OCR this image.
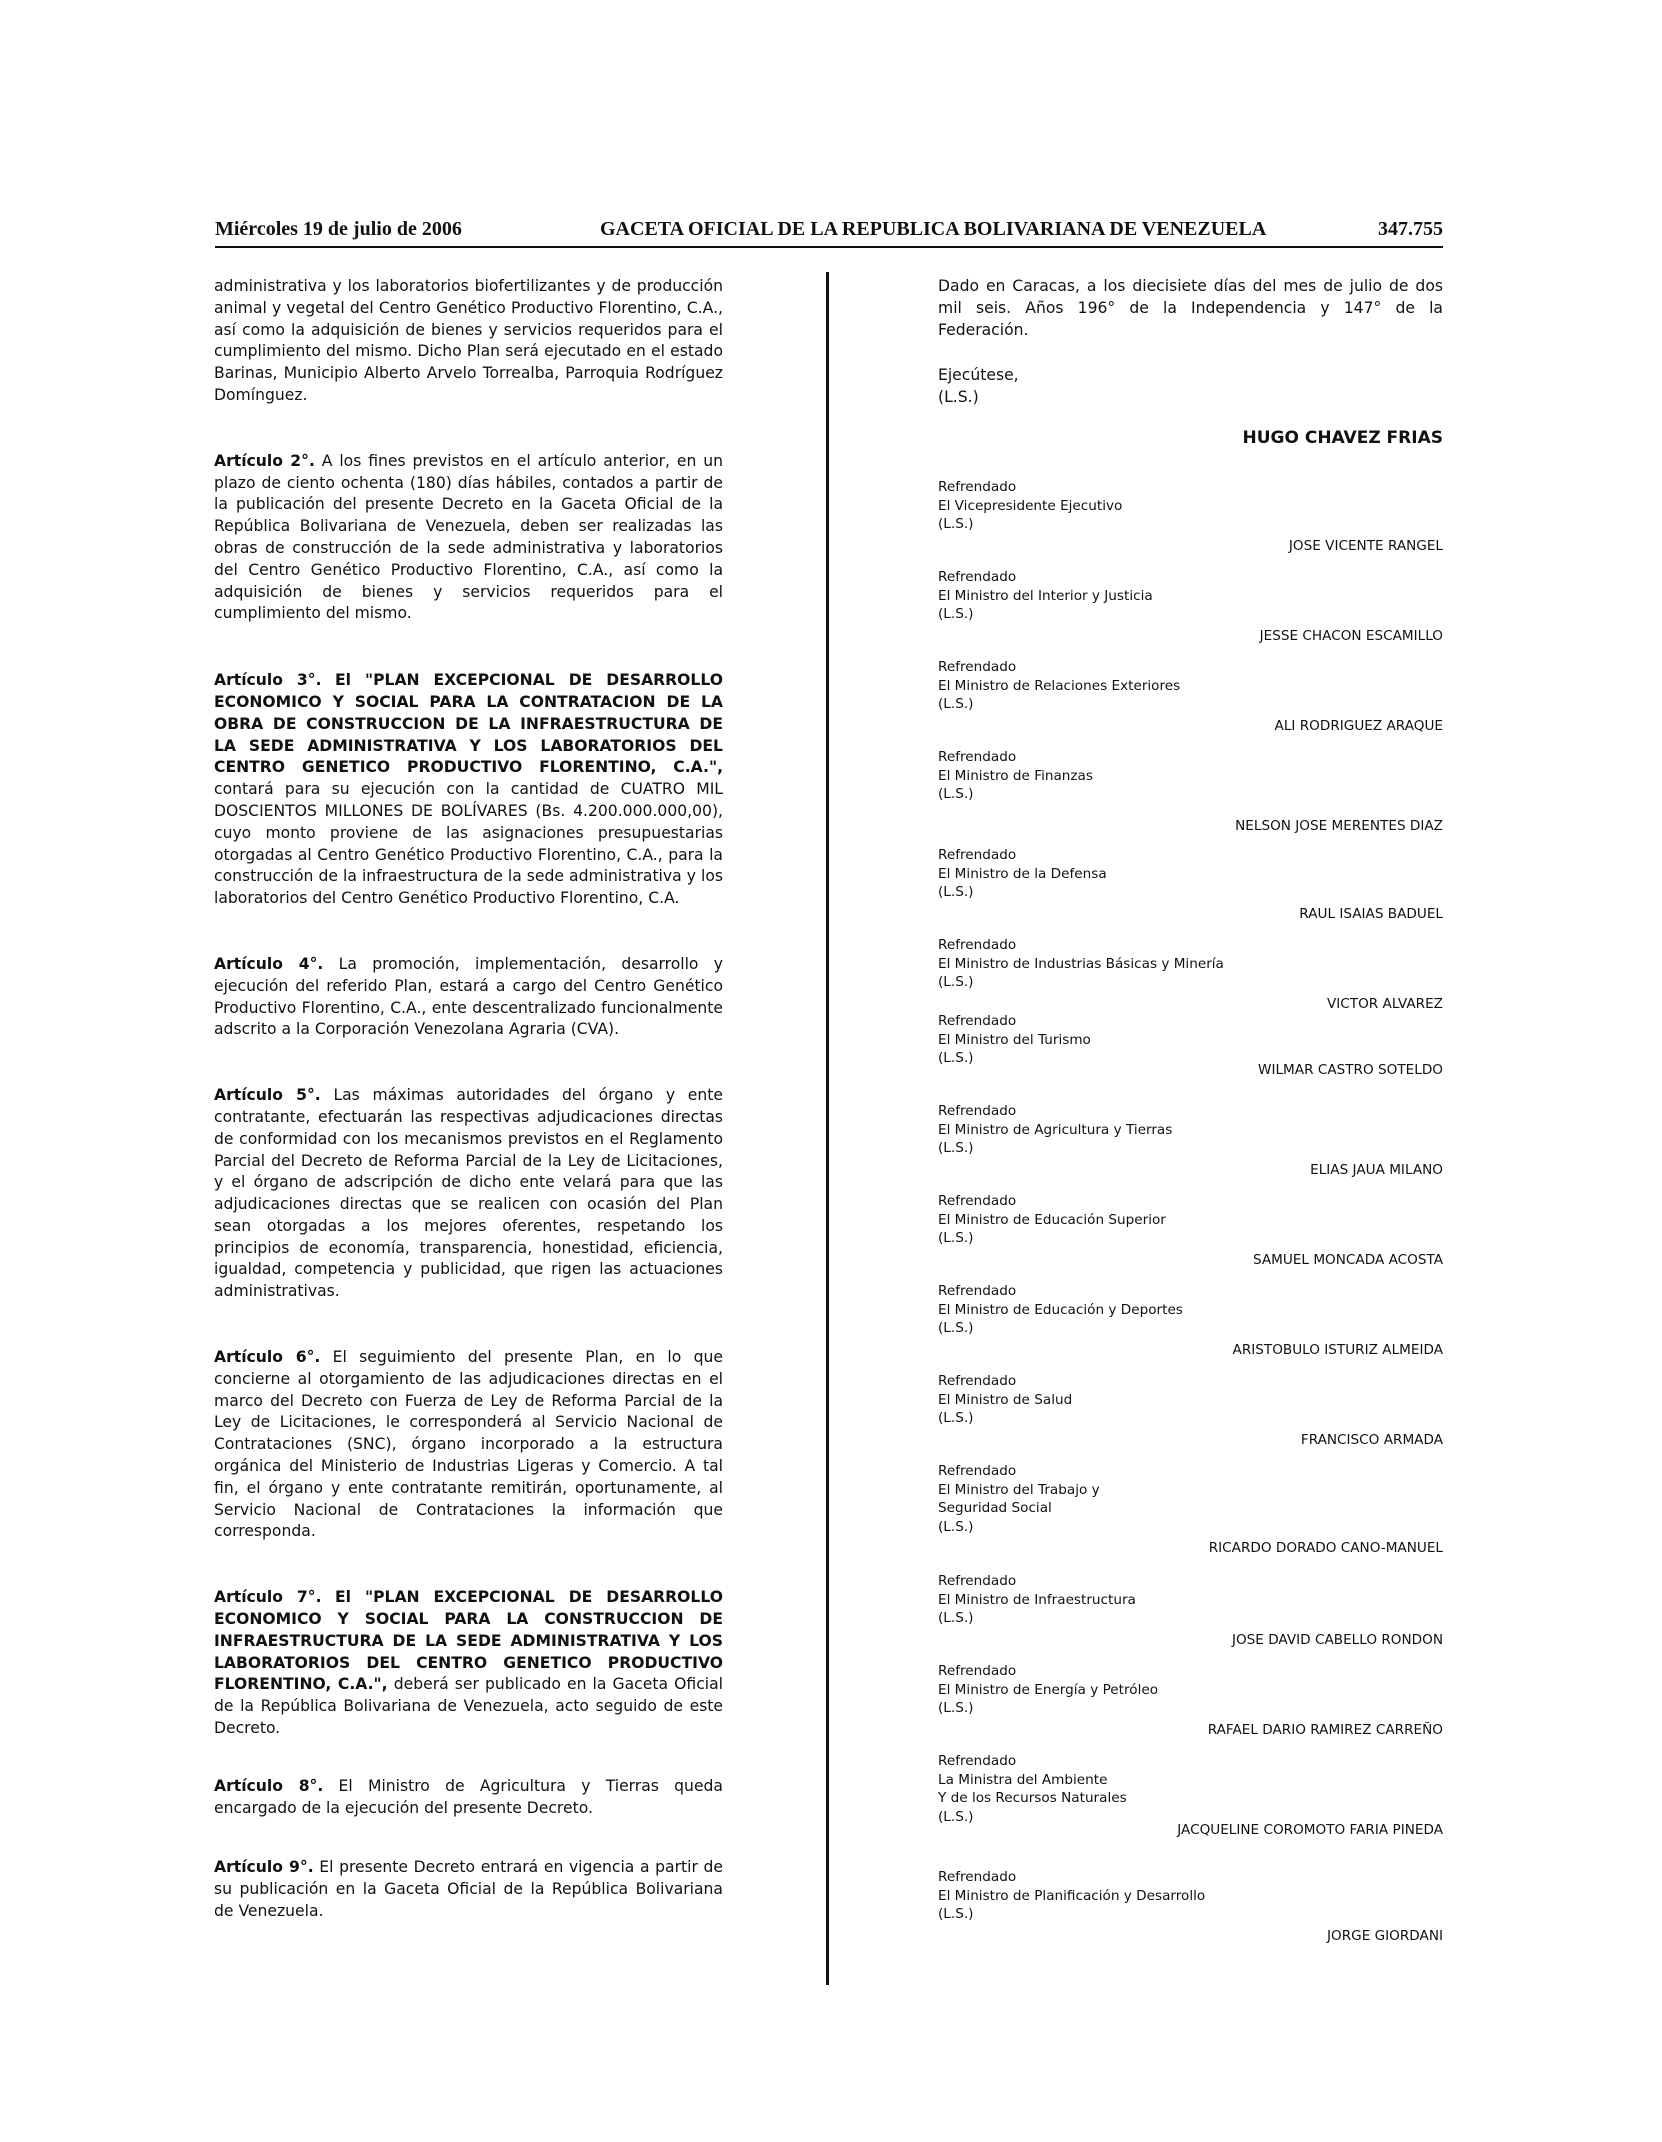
Miércoles 19 de julio de 2006	GACETA OFICIAL DE LA REPUBLICA BOLIVARIANA DE VENEZUELA	347.755

administrativa y los laboratorios biofertilizantes y de producción animal y vegetal del Centro Genético Productivo Florentino, C.A., así como la adquisición de bienes y servicios requeridos para el cumplimiento del mismo. Dicho Plan será ejecutado en el estado Barinas, Municipio Alberto Arvelo Torrealba, Parroquia Rodríguez Domínguez.

Artículo 2°. A los fines previstos en el artículo anterior, en un plazo de ciento ochenta (180) días hábiles, contados a partir de la publicación del presente Decreto en la Gaceta Oficial de la República Bolivariana de Venezuela, deben ser realizadas las obras de construcción de la sede administrativa y laboratorios del Centro Genético Productivo Florentino, C.A., así como la adquisición de bienes y servicios requeridos para el cumplimiento del mismo.

Artículo 3°. El "PLAN EXCEPCIONAL DE DESARROLLO ECONOMICO Y SOCIAL PARA LA CONTRATACION DE LA OBRA DE CONSTRUCCION DE LA INFRAESTRUCTURA DE LA SEDE ADMINISTRATIVA Y LOS LABORATORIOS DEL CENTRO GENETICO PRODUCTIVO FLORENTINO, C.A.", contará para su ejecución con la cantidad de CUATRO MIL DOSCIENTOS MILLONES DE BOLÍVARES (Bs. 4.200.000.000,00), cuyo monto proviene de las asignaciones presupuestarias otorgadas al Centro Genético Productivo Florentino, C.A., para la construcción de la infraestructura de la sede administrativa y los laboratorios del Centro Genético Productivo Florentino, C.A.

Artículo 4°. La promoción, implementación, desarrollo y ejecución del referido Plan, estará a cargo del Centro Genético Productivo Florentino, C.A., ente descentralizado funcionalmente adscrito a la Corporación Venezolana Agraria (CVA).

Artículo 5°. Las máximas autoridades del órgano y ente contratante, efectuarán las respectivas adjudicaciones directas de conformidad con los mecanismos previstos en el Reglamento Parcial del Decreto de Reforma Parcial de la Ley de Licitaciones, y el órgano de adscripción de dicho ente velará para que las adjudicaciones directas que se realicen con ocasión del Plan sean otorgadas a los mejores oferentes, respetando los principios de economía, transparencia, honestidad, eficiencia, igualdad, competencia y publicidad, que rigen las actuaciones administrativas.

Artículo 6°. El seguimiento del presente Plan, en lo que concierne al otorgamiento de las adjudicaciones directas en el marco del Decreto con Fuerza de Ley de Reforma Parcial de la Ley de Licitaciones, le corresponderá al Servicio Nacional de Contrataciones (SNC), órgano incorporado a la estructura orgánica del Ministerio de Industrias Ligeras y Comercio. A tal fin, el órgano y ente contratante remitirán, oportunamente, al Servicio Nacional de Contrataciones la información que corresponda.

Artículo 7°. El "PLAN EXCEPCIONAL DE DESARROLLO ECONOMICO Y SOCIAL PARA LA CONSTRUCCION DE INFRAESTRUCTURA DE LA SEDE ADMINISTRATIVA Y LOS LABORATORIOS DEL CENTRO GENETICO PRODUCTIVO FLORENTINO, C.A.", deberá ser publicado en la Gaceta Oficial de la República Bolivariana de Venezuela, acto seguido de este Decreto.

Artículo 8°. El Ministro de Agricultura y Tierras queda encargado de la ejecución del presente Decreto.

Artículo 9°. El presente Decreto entrará en vigencia a partir de su publicación en la Gaceta Oficial de la República Bolivariana de Venezuela.

Dado en Caracas, a los diecisiete días del mes de julio de dos mil seis. Años 196° de la Independencia y 147° de la Federación.

Ejecútese,

(L.S.)

HUGO CHAVEZ FRIAS
Refrendado
El Vicepresidente Ejecutivo
(L.S.)
JOSE VICENTE RANGEL
Refrendado
El Ministro del Interior y Justicia
(L.S.)
JESSE CHACON ESCAMILLO
Refrendado
El Ministro de Relaciones Exteriores
(L.S.)
ALI RODRIGUEZ ARAQUE
Refrendado
El Ministro de Finanzas
(L.S.)
NELSON JOSE MERENTES DIAZ
Refrendado
El Ministro de la Defensa
(L.S.)
RAUL ISAIAS BADUEL
Refrendado
El Ministro de Industrias Básicas y Minería
(L.S.)
VICTOR ALVAREZ
Refrendado
El Ministro del Turismo
(L.S.)
WILMAR CASTRO SOTELDO
Refrendado
El Ministro de Agricultura y Tierras
(L.S.)
ELIAS JAUA MILANO
Refrendado
El Ministro de Educación Superior
(L.S.)
SAMUEL MONCADA ACOSTA
Refrendado
El Ministro de Educación y Deportes
(L.S.)
ARISTOBULO ISTURIZ ALMEIDA
Refrendado
El Ministro de Salud
(L.S.)
FRANCISCO ARMADA
Refrendado
El Ministro del Trabajo y
Seguridad Social
(L.S.)
RICARDO DORADO CANO-MANUEL
Refrendado
El Ministro de Infraestructura
(L.S.)
JOSE DAVID CABELLO RONDON
Refrendado
El Ministro de Energía y Petróleo
(L.S.)
RAFAEL DARIO RAMIREZ CARREÑO
Refrendado
La Ministra del Ambiente
Y de los Recursos Naturales
(L.S.)
JACQUELINE COROMOTO FARIA PINEDA
Refrendado
El Ministro de Planificación y Desarrollo
(L.S.)
JORGE GIORDANI
